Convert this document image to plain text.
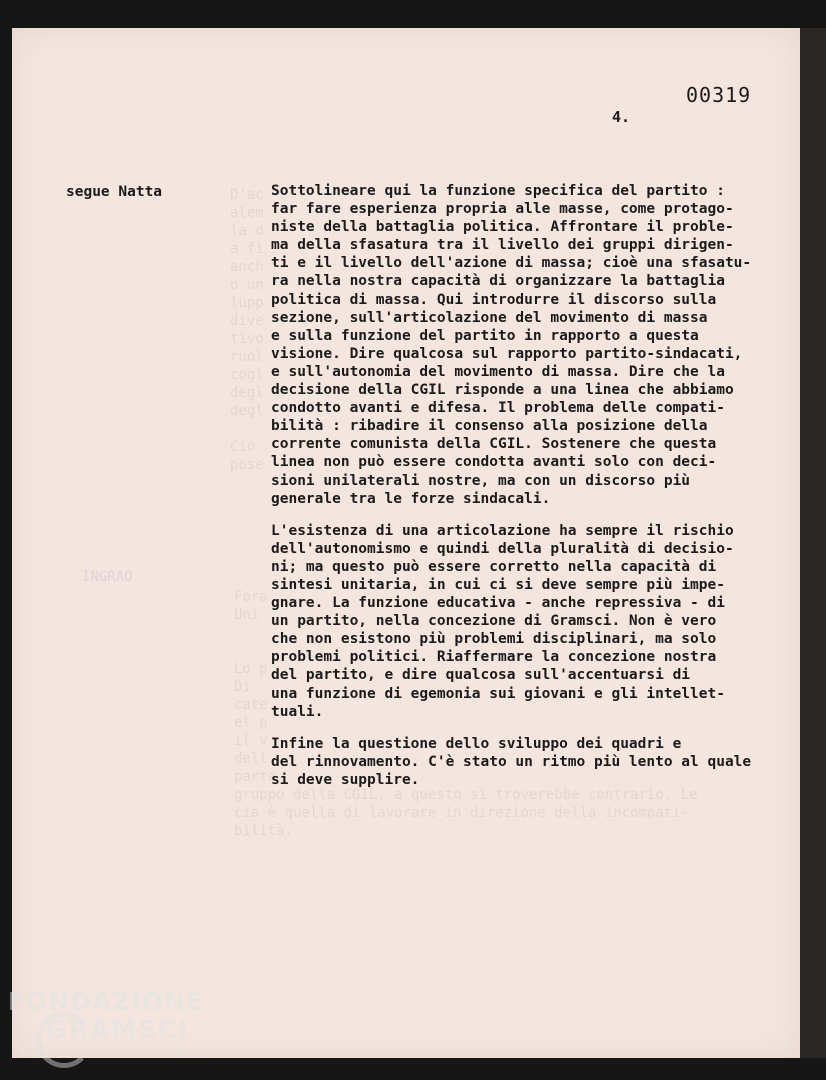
D'ac
alem
la d
a fi
anch
o un
lupp
dive
tivo
ruol
cogl
degl
degl

Ciò
pose
Fora
Uni

Lo p
Di
cate
el p
il v
dell
parte
gruppo della CGIL, a questo si troverebbe contrario. Le
cia è quella di lavorare in direzione della incompati-
bilità.
INGRAO
00319
4.
segue Natta	Sottolineare qui la funzione specifica del partito :
far fare esperienza propria alle masse, come protago-
niste della battaglia politica. Affrontare il proble-
ma della sfasatura tra il livello dei gruppi dirigen-
ti e il livello dell'azione di massa; cioè una sfasatu-
ra nella nostra capacità di organizzare la battaglia
politica di massa. Qui introdurre il discorso sulla
sezione, sull'articolazione del movimento di massa
e sulla funzione del partito in rapporto a questa
visione. Dire qualcosa sul rapporto partito-sindacati,
e sull'autonomia del movimento di massa. Dire che la
decisione della CGIL risponde a una linea che abbiamo
condotto avanti e difesa. Il problema delle compati-
bilità : ribadire il consenso alla posizione della
corrente comunista della CGIL. Sostenere che questa
linea non può essere condotta avanti solo con deci-
sioni unilaterali nostre, ma con un discorso più
generale tra le forze sindacali.

L'esistenza di una articolazione ha sempre il rischio
dell'autonomismo e quindi della pluralità di decisio-
ni; ma questo può essere corretto nella capacità di
sintesi unitaria, in cui ci si deve sempre più impe-
gnare. La funzione educativa - anche repressiva - di
un partito, nella concezione di Gramsci. Non è vero
che non esistono più problemi disciplinari, ma solo
problemi politici. Riaffermare la concezione nostra
del partito, e dire qualcosa sull'accentuarsi di
una funzione di egemonia sui giovani e gli intellet-
tuali.

Infine la questione dello sviluppo dei quadri e
del rinnovamento. C'è stato un ritmo più lento al quale
si deve supplire.

FONDAZIONE
GRAMSCI
ONLUS
